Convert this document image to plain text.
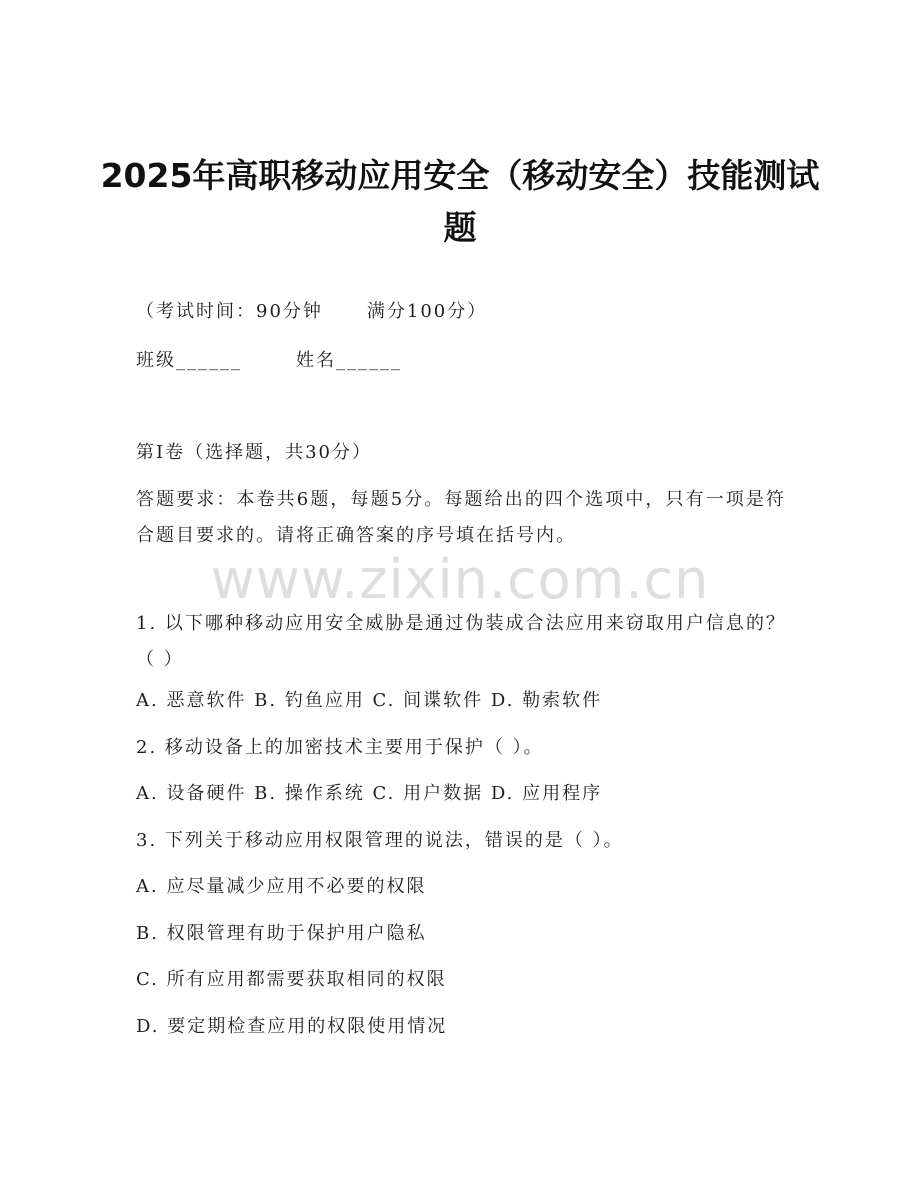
2025年高职移动应用安全（移动安全）技能测试题
（考试时间：90分钟 满分100分）
班级______	姓名______
第Ⅰ卷（选择题，共30分）
答题要求：本卷共6题，每题5分。每题给出的四个选项中，只有一项是符合题目要求的。请将正确答案的序号填在括号内。
www.zixin.com.cn
1. 以下哪种移动应用安全威胁是通过伪装成合法应用来窃取用户信息的？（ ）
A. 恶意软件 B. 钓鱼应用 C. 间谍软件 D. 勒索软件
2. 移动设备上的加密技术主要用于保护（ ）。
A. 设备硬件 B. 操作系统 C. 用户数据 D. 应用程序
3. 下列关于移动应用权限管理的说法，错误的是（ ）。
A. 应尽量减少应用不必要的权限
B. 权限管理有助于保护用户隐私
C. 所有应用都需要获取相同的权限
D. 要定期检查应用的权限使用情况
